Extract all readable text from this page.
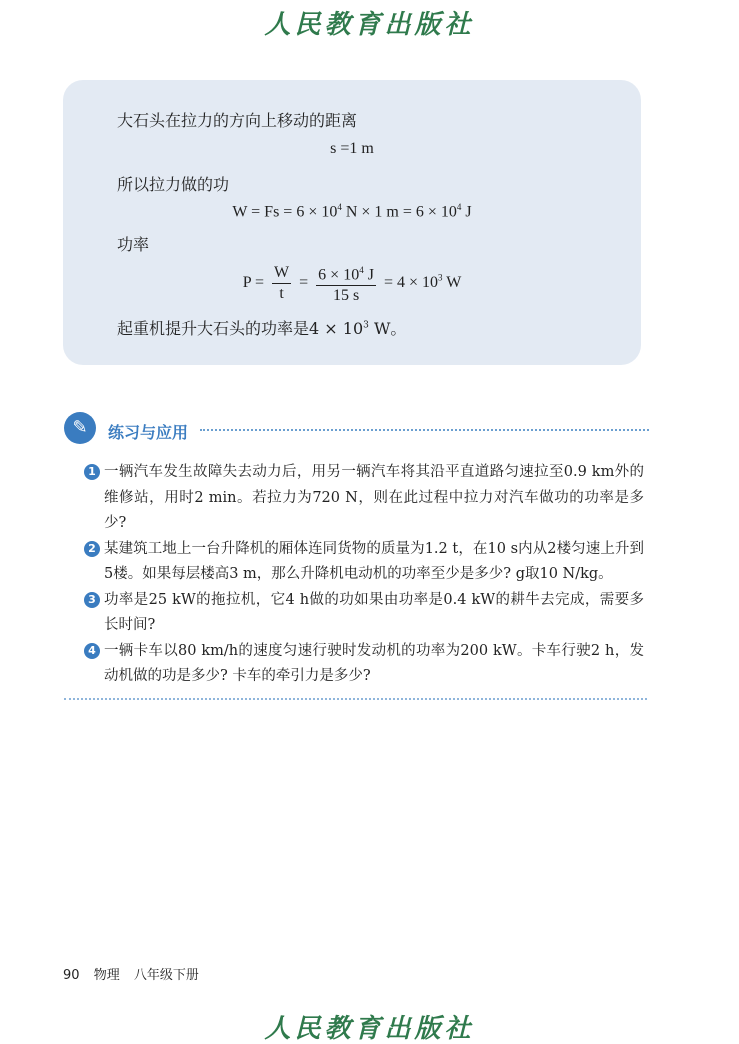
人民教育出版社
大石头在拉力的方向上移动的距离
s =1 m
所以拉力做的功
$W = Fs = 6 \times 10^4$ N × 1 $m = 6 \times 10^4$ J
功率
$P = \frac{W}{t} = \frac{6 \times 10^4 J}{15 s} = 4 \times 10^3$ W
起重机提升大石头的功率是$4 \times 10^3$ W。
✎	练习与应用
1 一辆汽车发生故障失去动力后，用另一辆汽车将其沿平直道路匀速拉至0.9 km外的维修站，用时2 min。若拉力为720 N，则在此过程中拉力对汽车做功的功率是多少?
2 某建筑工地上一台升降机的厢体连同货物的质量为1.2 t，在10 s内从2楼匀速上升到5楼。如果每层楼高3 m，那么升降机电动机的功率至少是多少? g取10 N/kg。
3 功率是25 kW的拖拉机，它4 h做的功如果由功率是0.4 kW的耕牛去完成，需要多长时间?
4 一辆卡车以80 km/h的速度匀速行驶时发动机的功率为200 kW。卡车行驶2 h，发动机做的功是多少? 卡车的牵引力是多少?
90 物理 八年级下册
人民教育出版社
